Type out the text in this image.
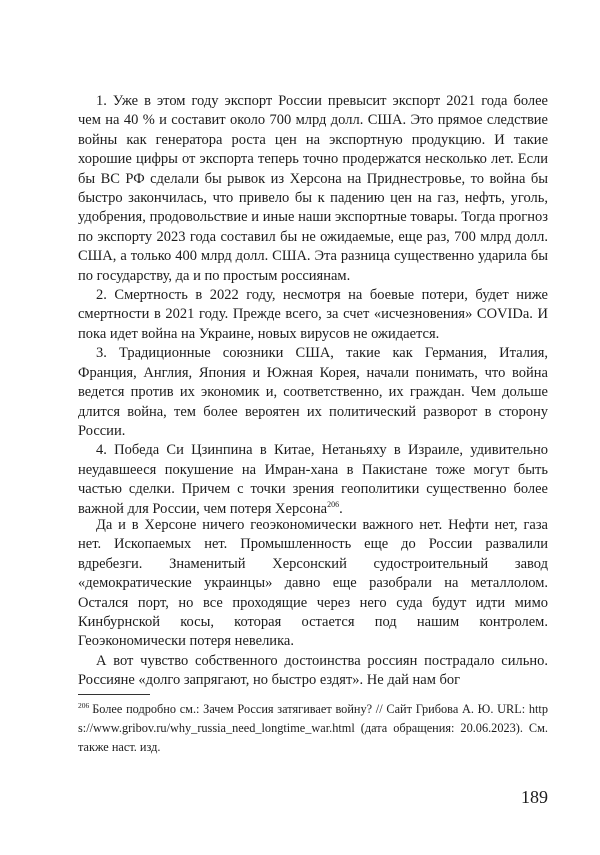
1. Уже в этом году экспорт России превысит экспорт 2021 года более чем на 40 % и составит около 700 млрд долл. США. Это прямое следствие войны как генератора роста цен на экспортную продукцию. И такие хорошие цифры от экспорта теперь точно продержатся несколько лет. Если бы ВС РФ сделали бы рывок из Херсона на Приднестровье, то война бы быстро закончилась, что привело бы к падению цен на газ, нефть, уголь, удобрения, продовольствие и иные наши экспортные товары. Тогда прогноз по экспорту 2023 года составил бы не ожидаемые, еще раз, 700 млрд долл. США, а только 400 млрд долл. США. Эта разница существенно ударила бы по государству, да и по простым россиянам.

2. Смертность в 2022 году, несмотря на боевые потери, будет ниже смертности в 2021 году. Прежде всего, за счет «исчезновения» COVIDа. И пока идет война на Украине, новых вирусов не ожидается.

3. Традиционные союзники США, такие как Германия, Италия, Франция, Англия, Япония и Южная Корея, начали понимать, что война ведется против их экономик и, соответственно, их граждан. Чем дольше длится война, тем более вероятен их политический разворот в сторону России.

4. Победа Си Цзинпина в Китае, Нетаньяху в Израиле, удивительно неудавшееся покушение на Имран-хана в Пакистане тоже могут быть частью сделки. Причем с точки зрения геополитики существенно более важной для России, чем потеря Херсона$^{206}$.

Да и в Херсоне ничего геоэкономически важного нет. Нефти нет, газа нет. Ископаемых нет. Промышленность еще до России развалили вдребезги. Знаменитый Херсонский судостроительный завод «демократические украинцы» давно еще разобрали на металлолом. Остался порт, но все проходящие через него суда будут идти мимо Кинбурнской косы, которая остается под нашим контролем. Геоэкономически потеря невелика.

А вот чувство собственного достоинства россиян пострадало сильно. Россияне «долго запрягают, но быстро ездят». Не дай нам бог

$^{206}$ Более подробно см.: Зачем Россия затягивает войну? // Сайт Грибова А. Ю. URL: https://www.gribov.ru/why_russia_need_longtime_war.html (дата обращения: 20.06.2023). См. также наст. изд.

189
